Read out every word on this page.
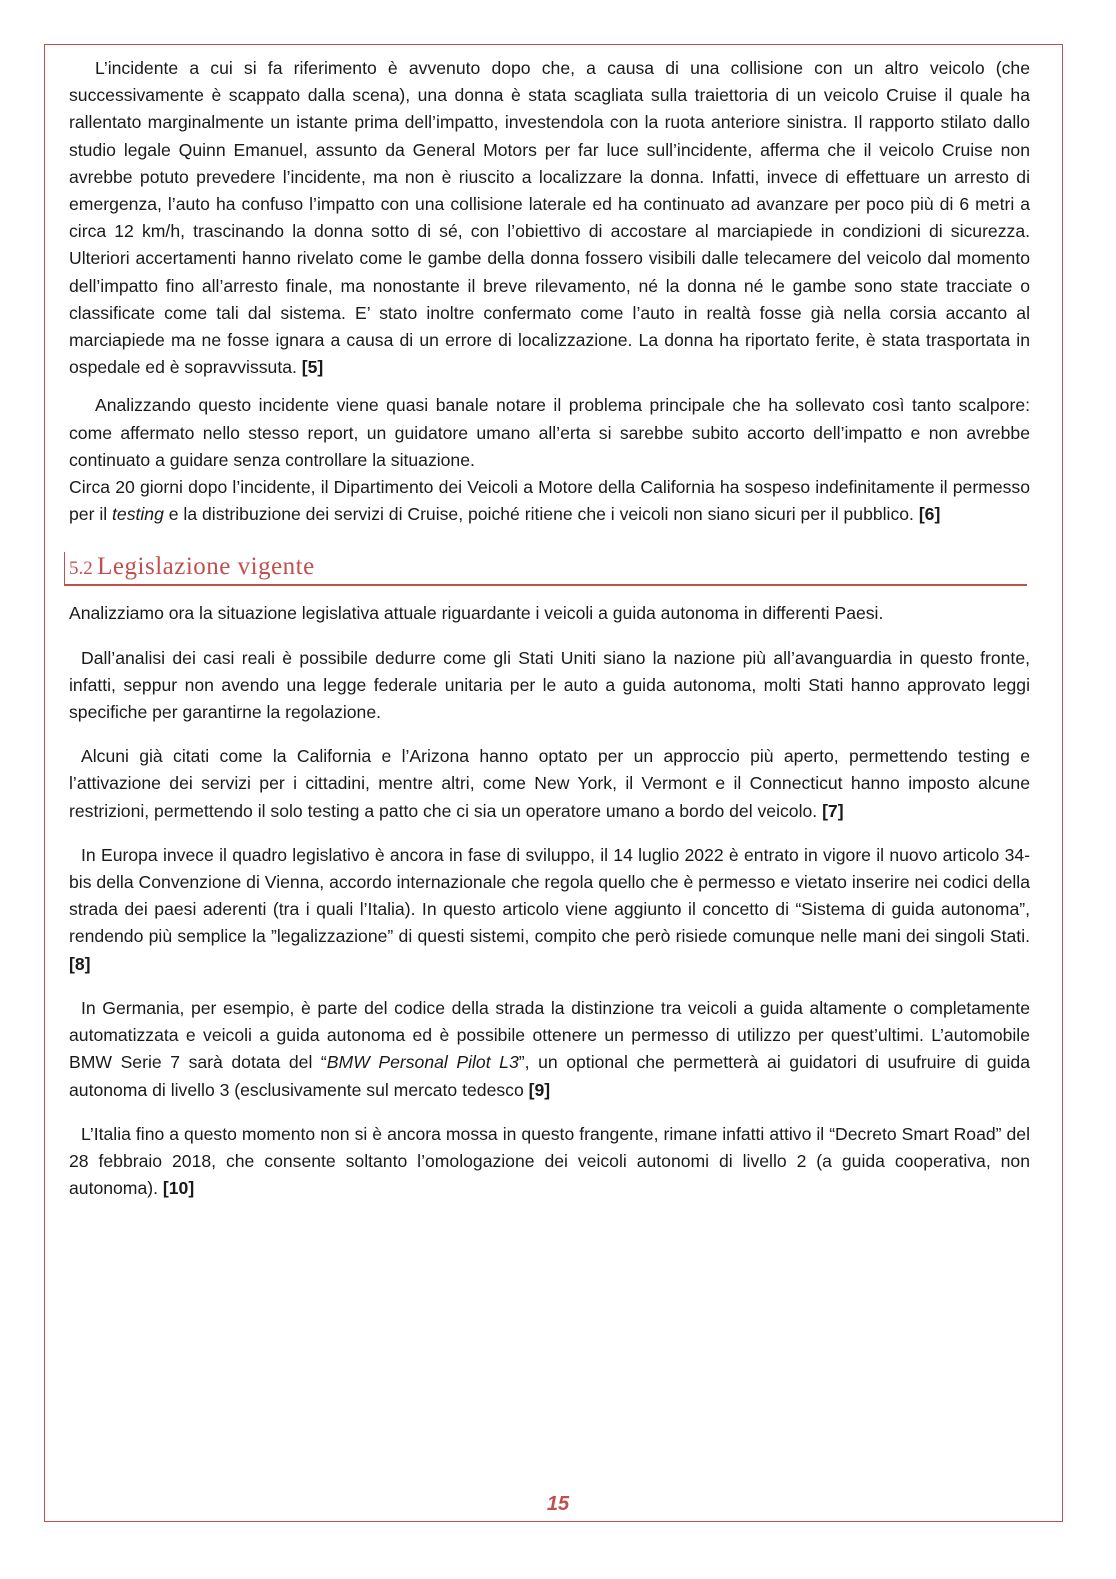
L’incidente a cui si fa riferimento è avvenuto dopo che, a causa di una collisione con un altro veicolo (che successivamente è scappato dalla scena), una donna è stata scagliata sulla traiettoria di un veicolo Cruise il quale ha rallentato marginalmente un istante prima dell’impatto, investendola con la ruota anteriore sinistra. Il rapporto stilato dallo studio legale Quinn Emanuel, assunto da General Motors per far luce sull’incidente, afferma che il veicolo Cruise non avrebbe potuto prevedere l’incidente, ma non è riuscito a localizzare la donna. Infatti, invece di effettuare un arresto di emergenza, l’auto ha confuso l’impatto con una collisione laterale ed ha continuato ad avanzare per poco più di 6 metri a circa 12 km/h, trascinando la donna sotto di sé, con l’obiettivo di accostare al marciapiede in condizioni di sicurezza. Ulteriori accertamenti hanno rivelato come le gambe della donna fossero visibili dalle telecamere del veicolo dal momento dell’impatto fino all’arresto finale, ma nonostante il breve rilevamento, né la donna né le gambe sono state tracciate o classificate come tali dal sistema. E’ stato inoltre confermato come l’auto in realtà fosse già nella corsia accanto al marciapiede ma ne fosse ignara a causa di un errore di localizzazione. La donna ha riportato ferite, è stata trasportata in ospedale ed è sopravvissuta. [5]

Analizzando questo incidente viene quasi banale notare il problema principale che ha sollevato così tanto scalpore: come affermato nello stesso report, un guidatore umano all’erta si sarebbe subito accorto dell’impatto e non avrebbe continuato a guidare senza controllare la situazione.

Circa 20 giorni dopo l’incidente, il Dipartimento dei Veicoli a Motore della California ha sospeso indefinitamente il permesso per il testing e la distribuzione dei servizi di Cruise, poiché ritiene che i veicoli non siano sicuri per il pubblico. [6]

5.2 Legislazione vigente

Analizziamo ora la situazione legislativa attuale riguardante i veicoli a guida autonoma in differenti Paesi.

Dall’analisi dei casi reali è possibile dedurre come gli Stati Uniti siano la nazione più all’avanguardia in questo fronte, infatti, seppur non avendo una legge federale unitaria per le auto a guida autonoma, molti Stati hanno approvato leggi specifiche per garantirne la regolazione.

Alcuni già citati come la California e l’Arizona hanno optato per un approccio più aperto, permettendo testing e l’attivazione dei servizi per i cittadini, mentre altri, come New York, il Vermont e il Connecticut hanno imposto alcune restrizioni, permettendo il solo testing a patto che ci sia un operatore umano a bordo del veicolo. [7]

In Europa invece il quadro legislativo è ancora in fase di sviluppo, il 14 luglio 2022 è entrato in vigore il nuovo articolo 34-bis della Convenzione di Vienna, accordo internazionale che regola quello che è permesso e vietato inserire nei codici della strada dei paesi aderenti (tra i quali l’Italia). In questo articolo viene aggiunto il concetto di “Sistema di guida autonoma”, rendendo più semplice la ”legalizzazione” di questi sistemi, compito che però risiede comunque nelle mani dei singoli Stati. [8]

In Germania, per esempio, è parte del codice della strada la distinzione tra veicoli a guida altamente o completamente automatizzata e veicoli a guida autonoma ed è possibile ottenere un permesso di utilizzo per quest’ultimi. L’automobile BMW Serie 7 sarà dotata del “BMW Personal Pilot L3”, un optional che permetterà ai guidatori di usufruire di guida autonoma di livello 3 (esclusivamente sul mercato tedesco [9]

L’Italia fino a questo momento non si è ancora mossa in questo frangente, rimane infatti attivo il “Decreto Smart Road” del 28 febbraio 2018, che consente soltanto l’omologazione dei veicoli autonomi di livello 2 (a guida cooperativa, non autonoma). [10]

15
